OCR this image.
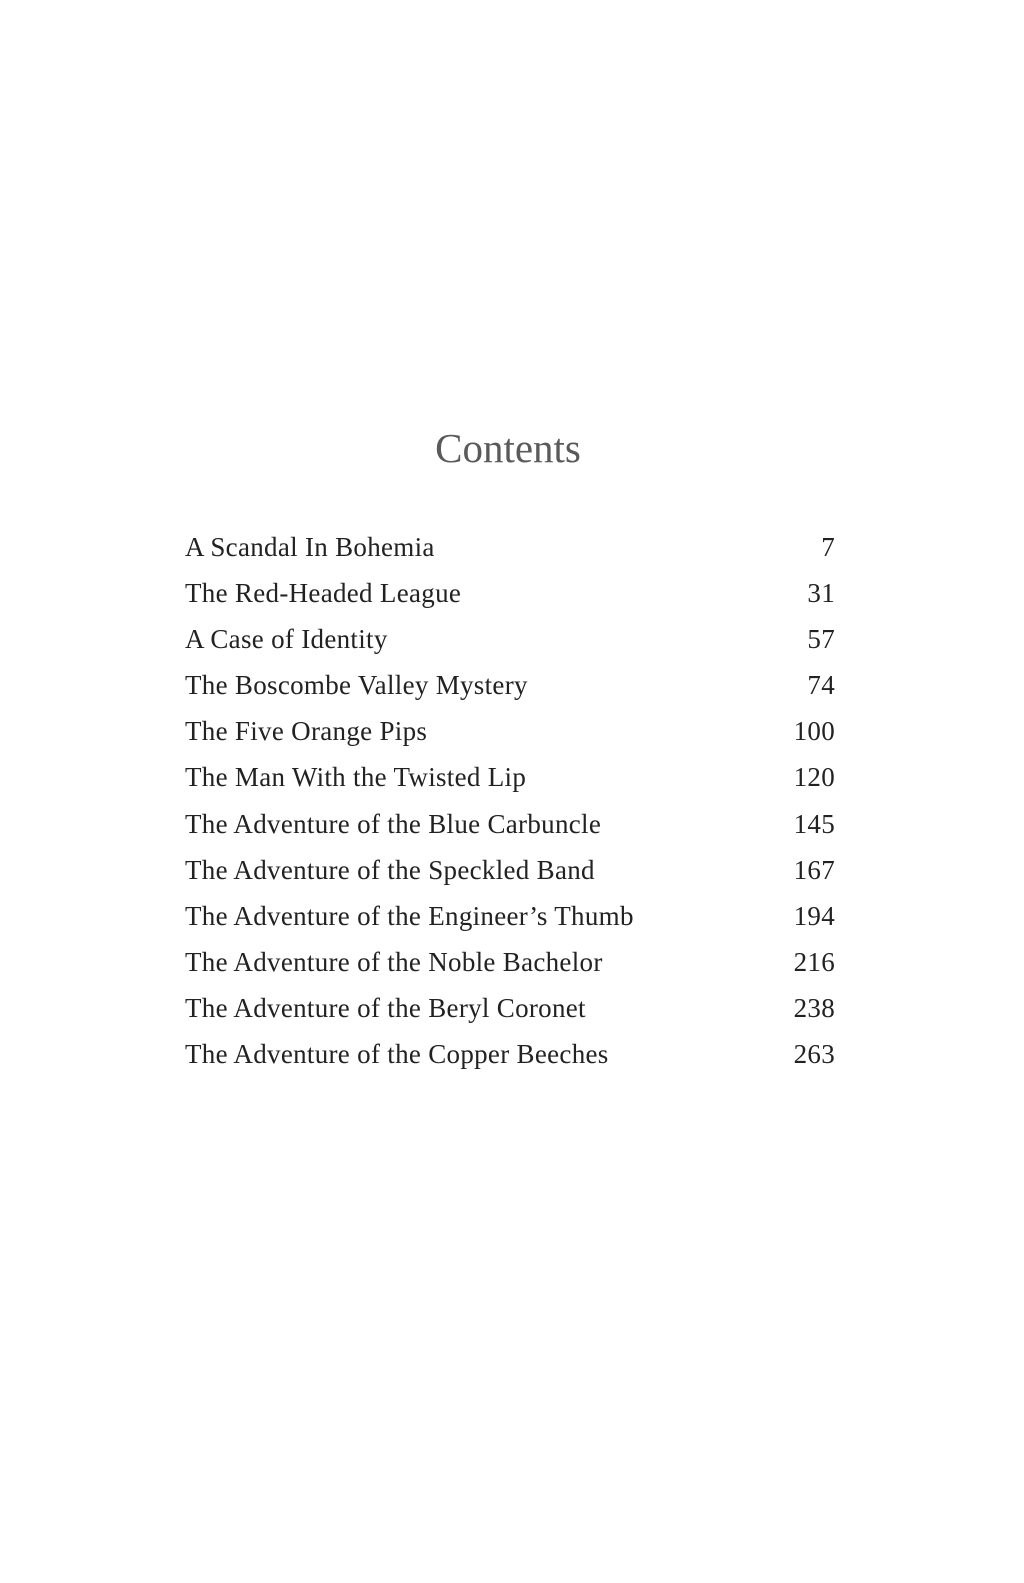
Contents
A Scandal In Bohemia	7
The Red-Headed League	31
A Case of Identity	57
The Boscombe Valley Mystery	74
The Five Orange Pips	100
The Man With the Twisted Lip	120
The Adventure of the Blue Carbuncle	145
The Adventure of the Speckled Band	167
The Adventure of the Engineer’s Thumb	194
The Adventure of the Noble Bachelor	216
The Adventure of the Beryl Coronet	238
The Adventure of the Copper Beeches	263
